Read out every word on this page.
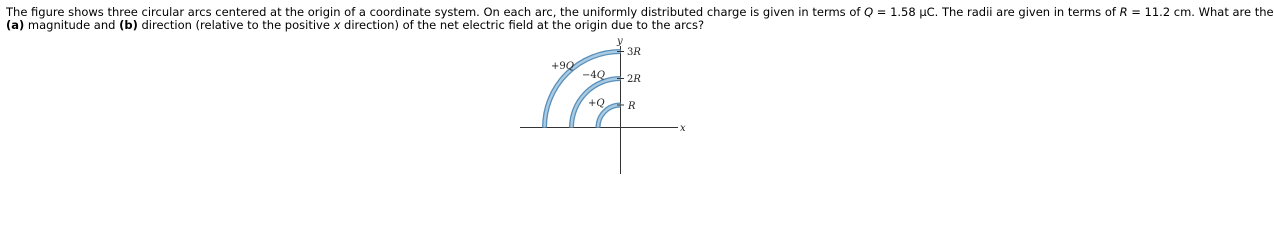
The figure shows three circular arcs centered at the origin of a coordinate system. On each arc, the uniformly distributed charge is given in terms of Q = 1.58 μC. The radii are given in terms of R = 11.2 cm. What are the
(a) magnitude and (b) direction (relative to the positive x direction) of the net electric field at the origin due to the arcs?
y
x
3R
2R
R
+9Q
−4Q
+Q
